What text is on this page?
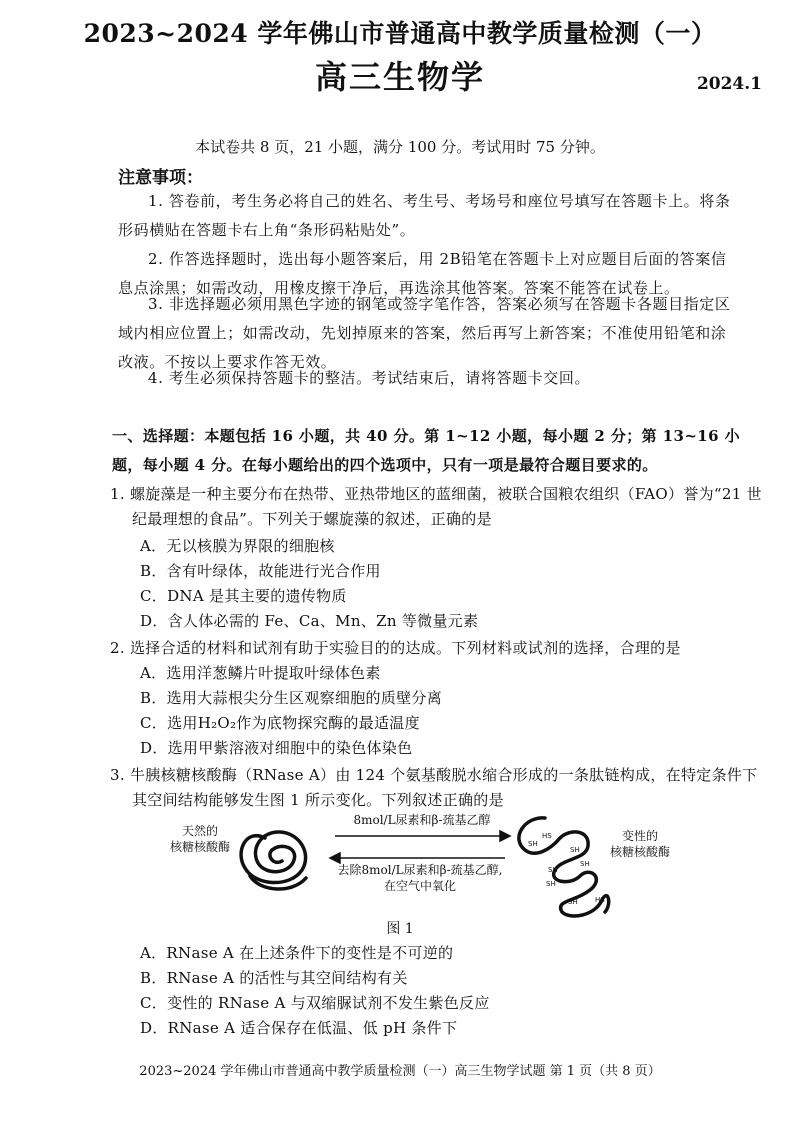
2023~2024 学年佛山市普通高中教学质量检测（一）
高三生物学	2024.1
本试卷共 8 页，21 小题，满分 100 分。考试用时 75 分钟。
注意事项：
1. 答卷前，考生务必将自己的姓名、考生号、考场号和座位号填写在答题卡上。将条形码横贴在答题卡右上角“条形码粘贴处”。
2. 作答选择题时，选出每小题答案后，用 2B铅笔在答题卡上对应题目后面的答案信息点涂黑；如需改动，用橡皮擦干净后，再选涂其他答案。答案不能答在试卷上。
3. 非选择题必须用黑色字迹的钢笔或签字笔作答，答案必须写在答题卡各题目指定区域内相应位置上；如需改动，先划掉原来的答案，然后再写上新答案；不准使用铅笔和涂改液。不按以上要求作答无效。
4. 考生必须保持答题卡的整洁。考试结束后，请将答题卡交回。
一、选择题：本题包括 16 小题，共 40 分。第 1~12 小题，每小题 2 分；第 13~16 小题，每小题 4 分。在每小题给出的四个选项中，只有一项是最符合题目要求的。
1. 螺旋藻是一种主要分布在热带、亚热带地区的蓝细菌，被联合国粮农组织（FAO）誉为“21 世纪最理想的食品”。下列关于螺旋藻的叙述，正确的是
A．无以核膜为界限的细胞核
B．含有叶绿体，故能进行光合作用
C．DNA 是其主要的遗传物质
D．含人体必需的 Fe、Ca、Mn、Zn 等微量元素
2. 选择合适的材料和试剂有助于实验目的的达成。下列材料或试剂的选择，合理的是
A．选用洋葱鳞片叶提取叶绿体色素
B．选用大蒜根尖分生区观察细胞的质壁分离
C．选用H₂O₂作为底物探究酶的最适温度
D．选用甲紫溶液对细胞中的染色体染色
3. 牛胰核糖核酸酶（RNase A）由 124 个氨基酸脱水缩合形成的一条肽链构成，在特定条件下其空间结构能够发生图 1 所示变化。下列叙述正确的是
SH
HS
SH
SH
SH
SH
SH HS
天然的
核糖核酸酶
8mol/L尿素和β-巯基乙醇
去除8mol/L尿素和β-巯基乙醇,
在空气中氧化
变性的
核糖核酸酶
图 1
A．RNase A 在上述条件下的变性是不可逆的
B．RNase A 的活性与其空间结构有关
C．变性的 RNase A 与双缩脲试剂不发生紫色反应
D．RNase A 适合保存在低温、低 pH 条件下
2023~2024 学年佛山市普通高中教学质量检测（一）高三生物学试题 第 1 页（共 8 页）
